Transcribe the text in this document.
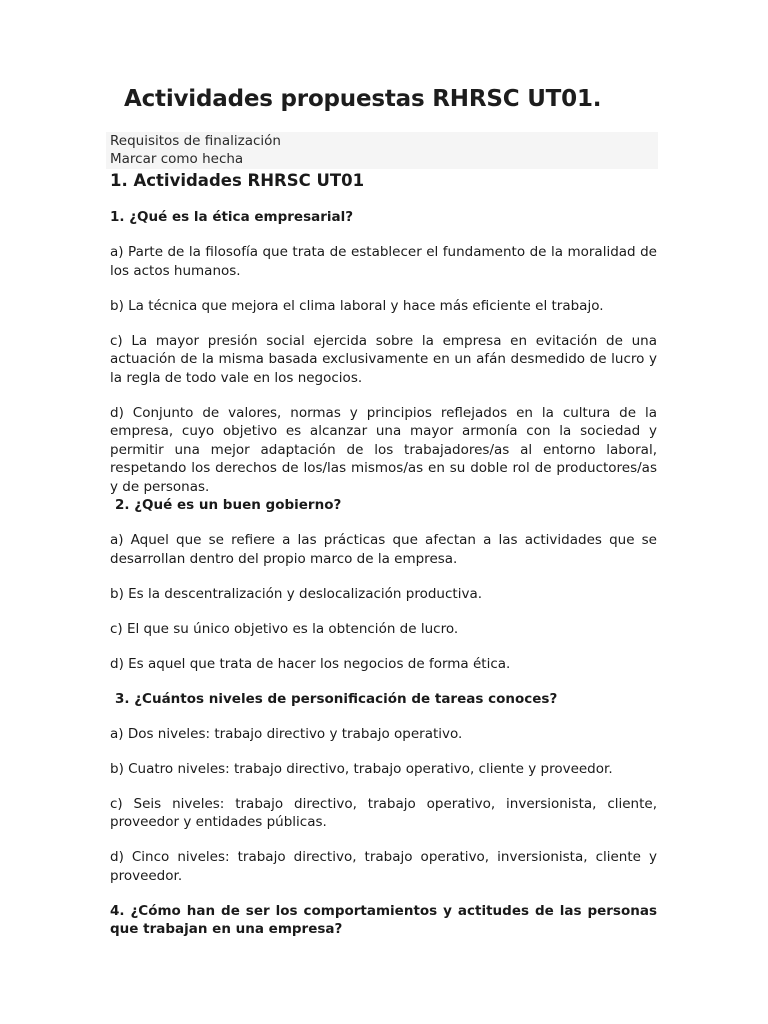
Actividades propuestas RHRSC UT01.
Requisitos de finalización
Marcar como hecha
1. Actividades RHRSC UT01

1. ¿Qué es la ética empresarial?

a) Parte de la filosofía que trata de establecer el fundamento de la moralidad de los actos humanos.

b) La técnica que mejora el clima laboral y hace más eficiente el trabajo.

c) La mayor presión social ejercida sobre la empresa en evitación de una actuación de la misma basada exclusivamente en un afán desmedido de lucro y la regla de todo vale en los negocios.

d) Conjunto de valores, normas y principios reflejados en la cultura de la empresa, cuyo objetivo es alcanzar una mayor armonía con la sociedad y permitir una mejor adaptación de los trabajadores/as al entorno laboral, respetando los derechos de los/las mismos/as en su doble rol de productores/as y de personas.

2. ¿Qué es un buen gobierno?

a) Aquel que se refiere a las prácticas que afectan a las actividades que se desarrollan dentro del propio marco de la empresa.

b) Es la descentralización y deslocalización productiva.

c) El que su único objetivo es la obtención de lucro.

d) Es aquel que trata de hacer los negocios de forma ética.

3. ¿Cuántos niveles de personificación de tareas conoces?

a) Dos niveles: trabajo directivo y trabajo operativo.

b) Cuatro niveles: trabajo directivo, trabajo operativo, cliente y proveedor.

c) Seis niveles: trabajo directivo, trabajo operativo, inversionista, cliente, proveedor y entidades públicas.

d) Cinco niveles: trabajo directivo, trabajo operativo, inversionista, cliente y proveedor.

4. ¿Cómo han de ser los comportamientos y actitudes de las personas que trabajan en una empresa?
